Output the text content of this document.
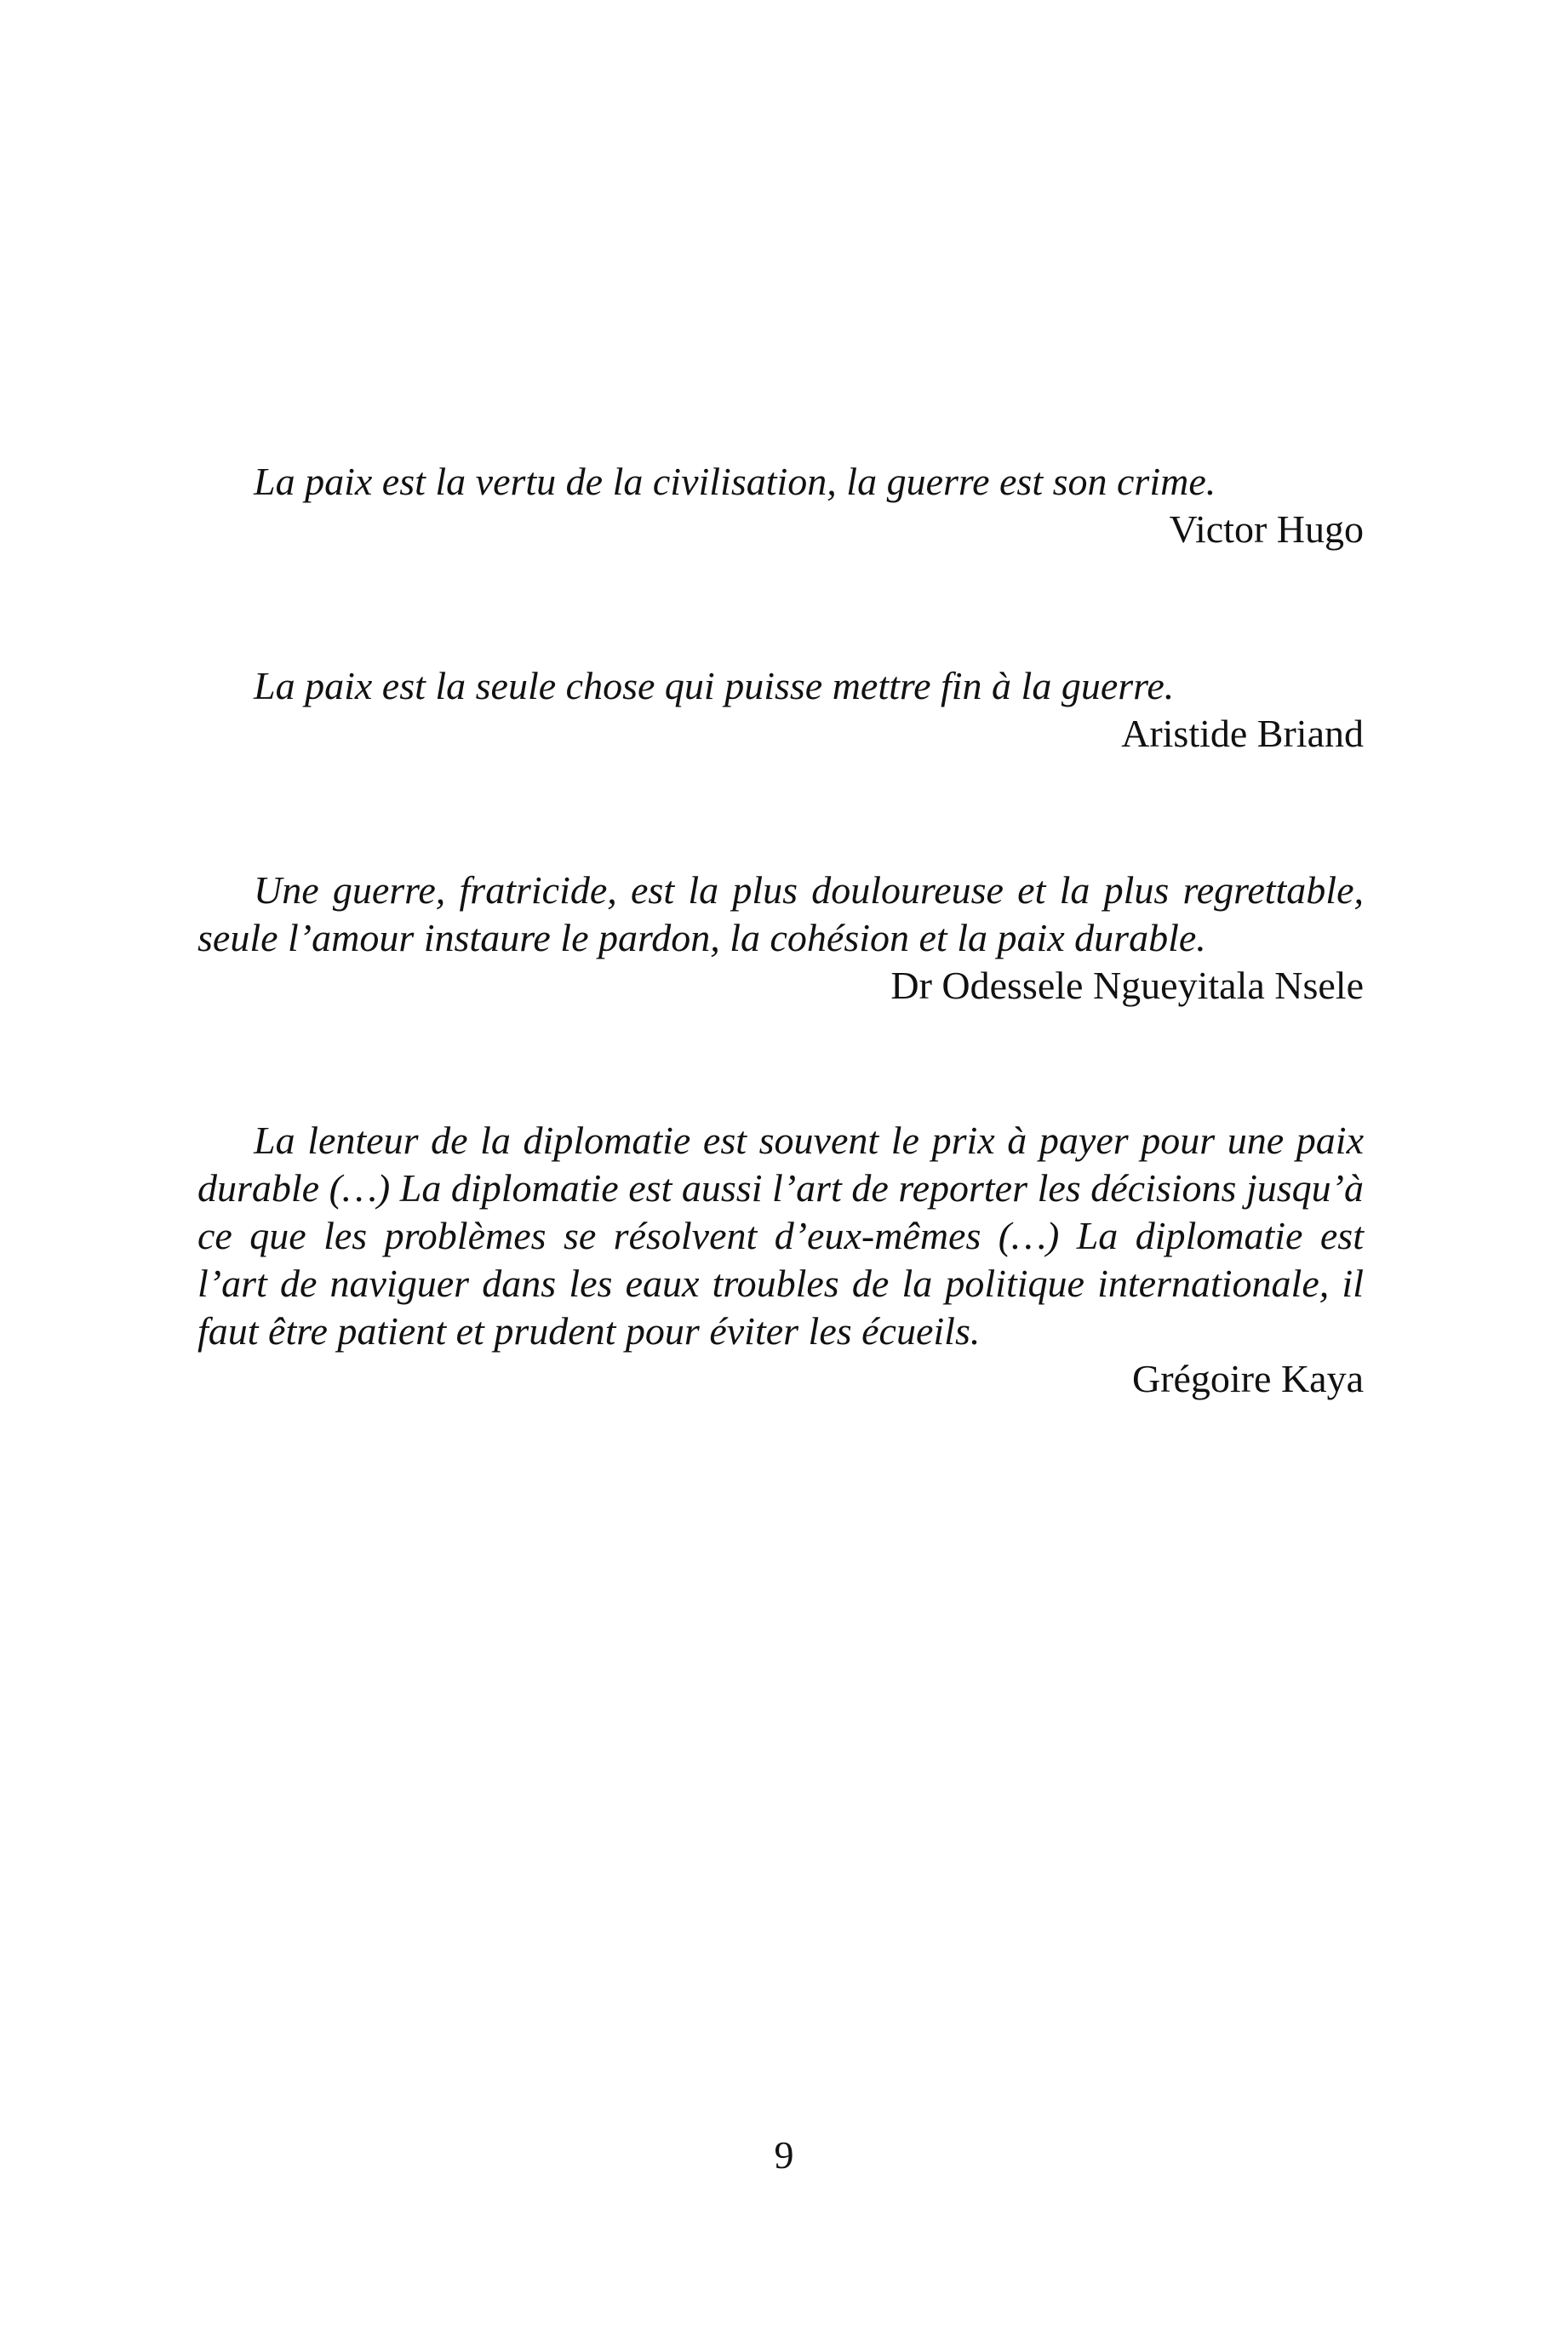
La paix est la vertu de la civilisation, la guerre est son crime.

Victor Hugo

La paix est la seule chose qui puisse mettre fin à la guerre.

Aristide Briand

Une guerre, fratricide, est la plus douloureuse et la plus regrettable, seule l’amour instaure le pardon, la cohésion et la paix durable.

Dr Odessele Ngueyitala Nsele

La lenteur de la diplomatie est souvent le prix à payer pour une paix durable (…) La diplomatie est aussi l’art de reporter les décisions jusqu’à ce que les problèmes se résolvent d’eux-mêmes (…) La diplomatie est l’art de naviguer dans les eaux troubles de la politique internationale, il faut être patient et prudent pour éviter les écueils.

Grégoire Kaya

9
